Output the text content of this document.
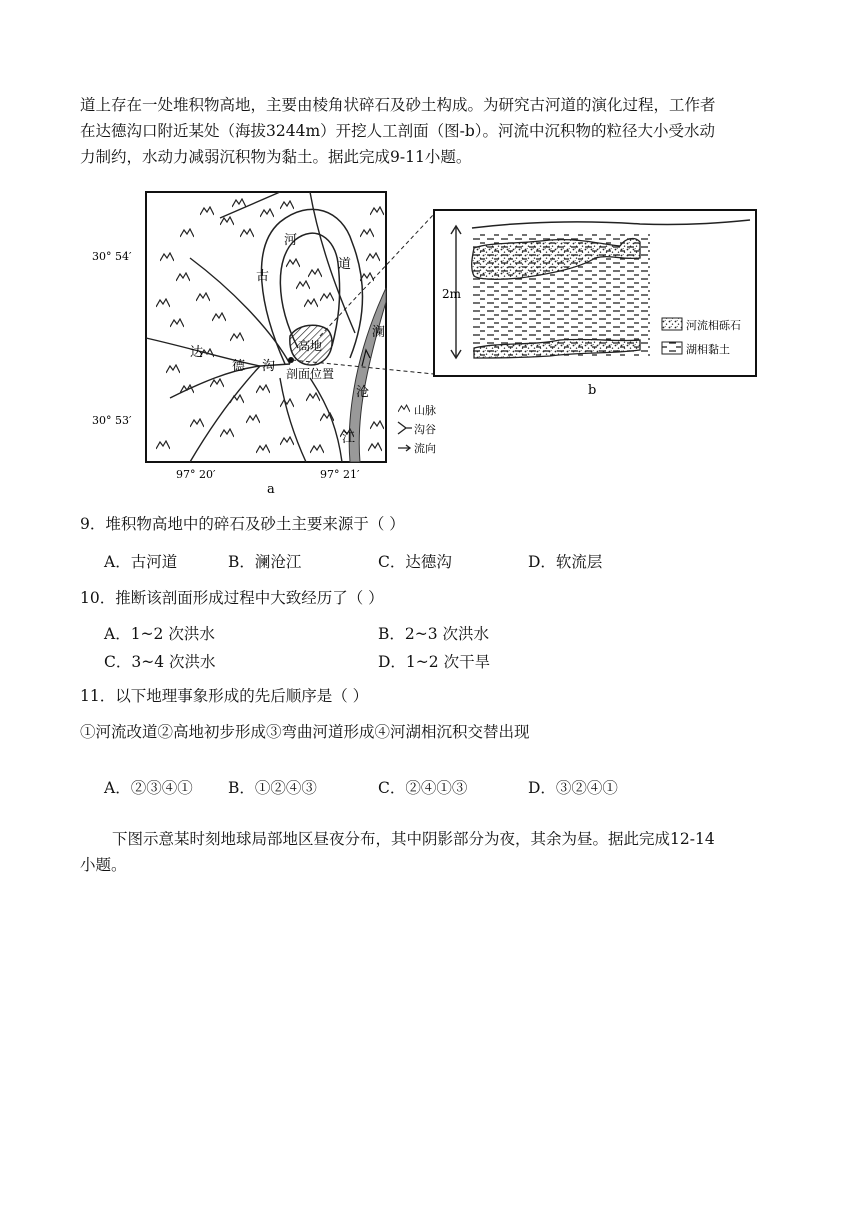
道上存在一处堆积物高地，主要由棱角状碎石及砂土构成。为研究古河道的演化过程，工作者
在达德沟口附近某处（海拔3244m）开挖人工剖面（图-b）。河流中沉积物的粒径大小受水动
力制约，水动力减弱沉积物为黏土。据此完成9-11小题。
30° 54′
30° 53′
97° 20′	97° 21′
a
河
道
古
高地
达
德 沟 剖面位置
澜
沧
江
山脉
沟谷
流向
2m
b
河流相砾石
湖相黏土
9．堆积物高地中的碎石及砂土主要来源于（ ）
A．古河道	B．澜沧江	C．达德沟	D．软流层
10．推断该剖面形成过程中大致经历了（ ）
A．1~2 次洪水	B．2~3 次洪水
C．3~4 次洪水	D．1~2 次干旱
11．以下地理事象形成的先后顺序是（ ）
①河流改道②高地初步形成③弯曲河道形成④河湖相沉积交替出现
A．②③④① B．①②④③	C．②④①③	D．③②④①
下图示意某时刻地球局部地区昼夜分布，其中阴影部分为夜，其余为昼。据此完成12-14
小题。
